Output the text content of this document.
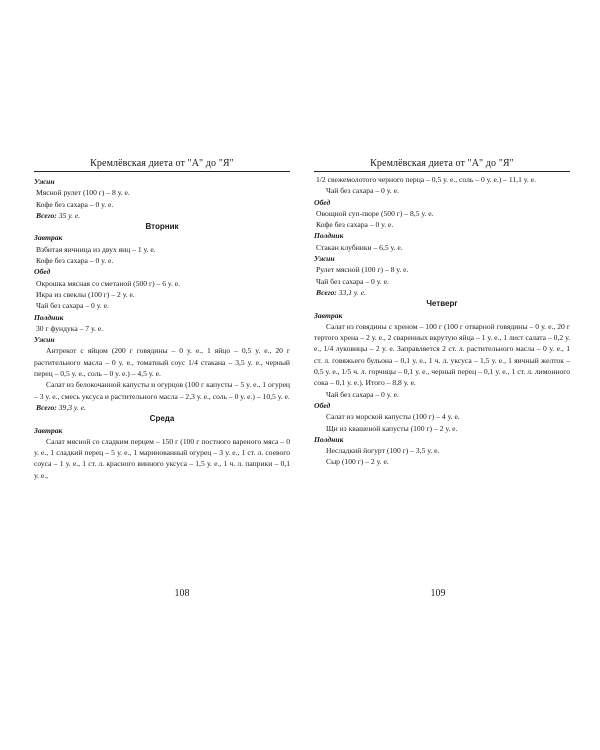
Кремлёвская диета от "А" до "Я"

Ужин

Мясной рулет (100 г) – 8 у. е.

Кофе без сахара – 0 у. е.

Всего: 35 у. е.

Вторник

Завтрак

Взбитая яичница из двух яиц – 1 у. е.

Кофе без сахара – 0 у. е.

Обед

Окрошка мясная со сметаной (500 г) – 6 у. е.

Икра из свеклы (100 г) – 2 у. е.

Чай без сахара – 0 у. е.

Полдник

30 г фундука – 7 у. е.

Ужин

Антрекот с яйцом (200 г говядины – 0 у. е., 1 яйцо – 0,5 у. е., 20 г растительного масла – 0 у. е., томатный соус 1/4 стакана – 3,5 у. е., черный перец – 0,5 у. е., соль – 0 у. е.) – 4,5 у. е.

Салат из белокочанной капусты и огурцов (100 г капусты – 5 у. е., 1 огурец – 3 у. е., смесь уксуса и растительного масла – 2,3 у. е., соль – 0 у. е.) – 10,5 у. е.

Всего: 39,3 у. е.

Среда

Завтрак

Салат мясной со сладким перцем – 150 г (100 г постного вареного мяса – 0 у. е., 1 сладкий перец – 5 у. е., 1 маринованный огурец – 3 у. е., 1 ст. л. соевого соуса – 1 у. е., 1 ст. л. красного винного уксуса – 1,5 у. е., 1 ч. л. паприки – 0,1 у. е.,

108
Кремлёвская диета от "А" до "Я"

1/2 свежемолотого черного перца – 0,5 у. е., соль – 0 у. е.) – 11,1 у. е.

Чай без сахара – 0 у. е.

Обед

Овощной суп-пюре (500 г) – 8,5 у. е.

Кофе без сахара – 0 у. е.

Полдник

Стакан клубники – 6,5 у. е.

Ужин

Рулет мясной (100 г) – 8 у. е.

Чай без сахара – 0 у. е.

Всего: 33,1 у. е.

Четверг

Завтрак

Салат из говядины с хреном – 100 г (100 г отварной говядины – 0 у. е., 20 г тертого хрена – 2 у. е., 2 сваренных вкрутую яйца – 1 у. е., 1 лист салата – 0,2 у. е., 1/4 луковицы – 2 у. е. Заправляется 2 ст. л. растительного масла – 0 у. е., 1 ст. л. говяжьего бульона – 0,1 у. е., 1 ч. л. уксуса – 1,5 у. е., 1 яичный желток – 0,5 у. е., 1/5 ч. л. горчицы – 0,1 у. е., черный перец – 0,1 у. е., 1 ст. л. лимонного сока – 0,1 у. е.). Итого – 8,8 у. е.

Чай без сахара – 0 у. е.

Обед

Салат из морской капусты (100 г) – 4 у. е.

Щи из квашеной капусты (100 г) – 2 у. е.

Полдник

Несладкий йогурт (100 г) – 3,5 у. е.

Сыр (100 г) – 2 у. е.

109
